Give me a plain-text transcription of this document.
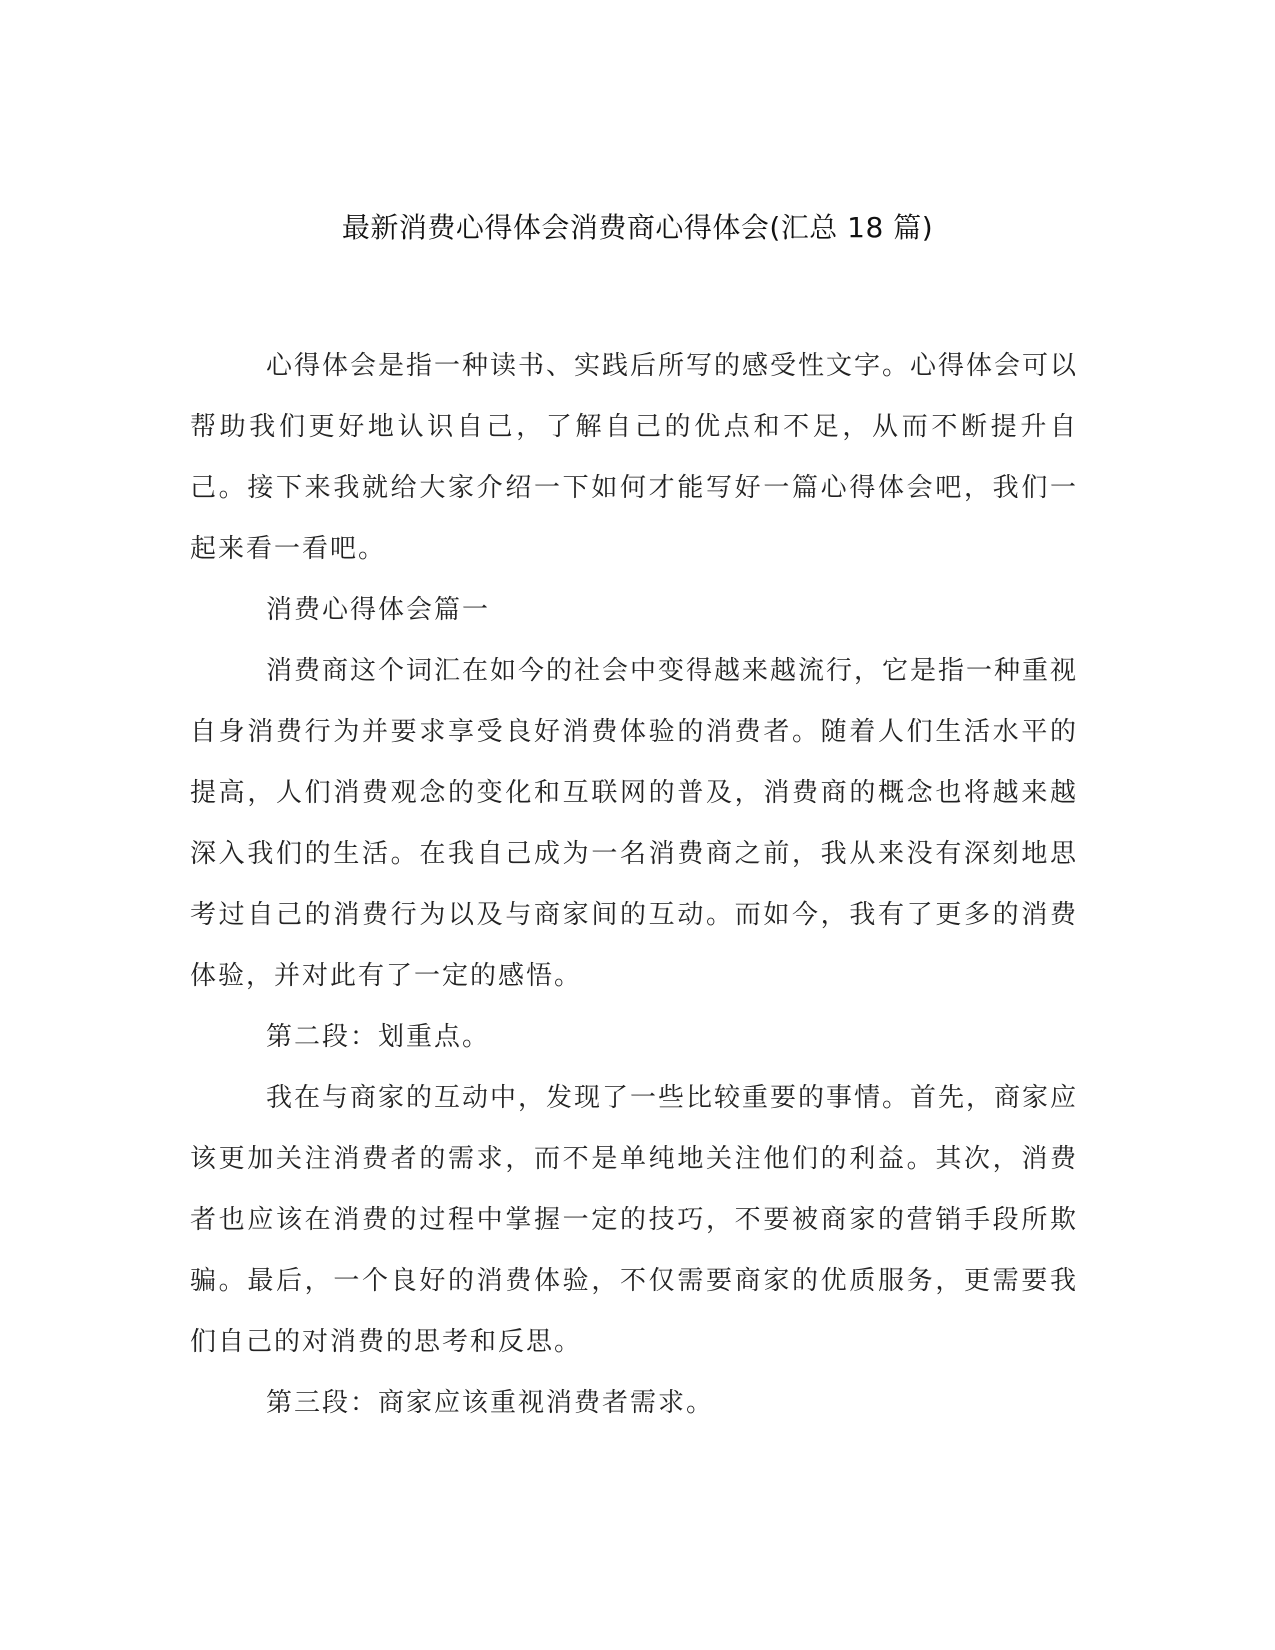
最新消费心得体会消费商心得体会(汇总 18 篇)

心得体会是指一种读书、实践后所写的感受性文字。心得体会可以帮助我们更好地认识自己，了解自己的优点和不足，从而不断提升自己。接下来我就给大家介绍一下如何才能写好一篇心得体会吧，我们一起来看一看吧。

消费心得体会篇一

消费商这个词汇在如今的社会中变得越来越流行，它是指一种重视自身消费行为并要求享受良好消费体验的消费者。随着人们生活水平的提高，人们消费观念的变化和互联网的普及，消费商的概念也将越来越深入我们的生活。在我自己成为一名消费商之前，我从来没有深刻地思考过自己的消费行为以及与商家间的互动。而如今，我有了更多的消费体验，并对此有了一定的感悟。

第二段：划重点。

我在与商家的互动中，发现了一些比较重要的事情。首先，商家应该更加关注消费者的需求，而不是单纯地关注他们的利益。其次，消费者也应该在消费的过程中掌握一定的技巧，不要被商家的营销手段所欺骗。最后，一个良好的消费体验，不仅需要商家的优质服务，更需要我们自己的对消费的思考和反思。

第三段：商家应该重视消费者需求。
